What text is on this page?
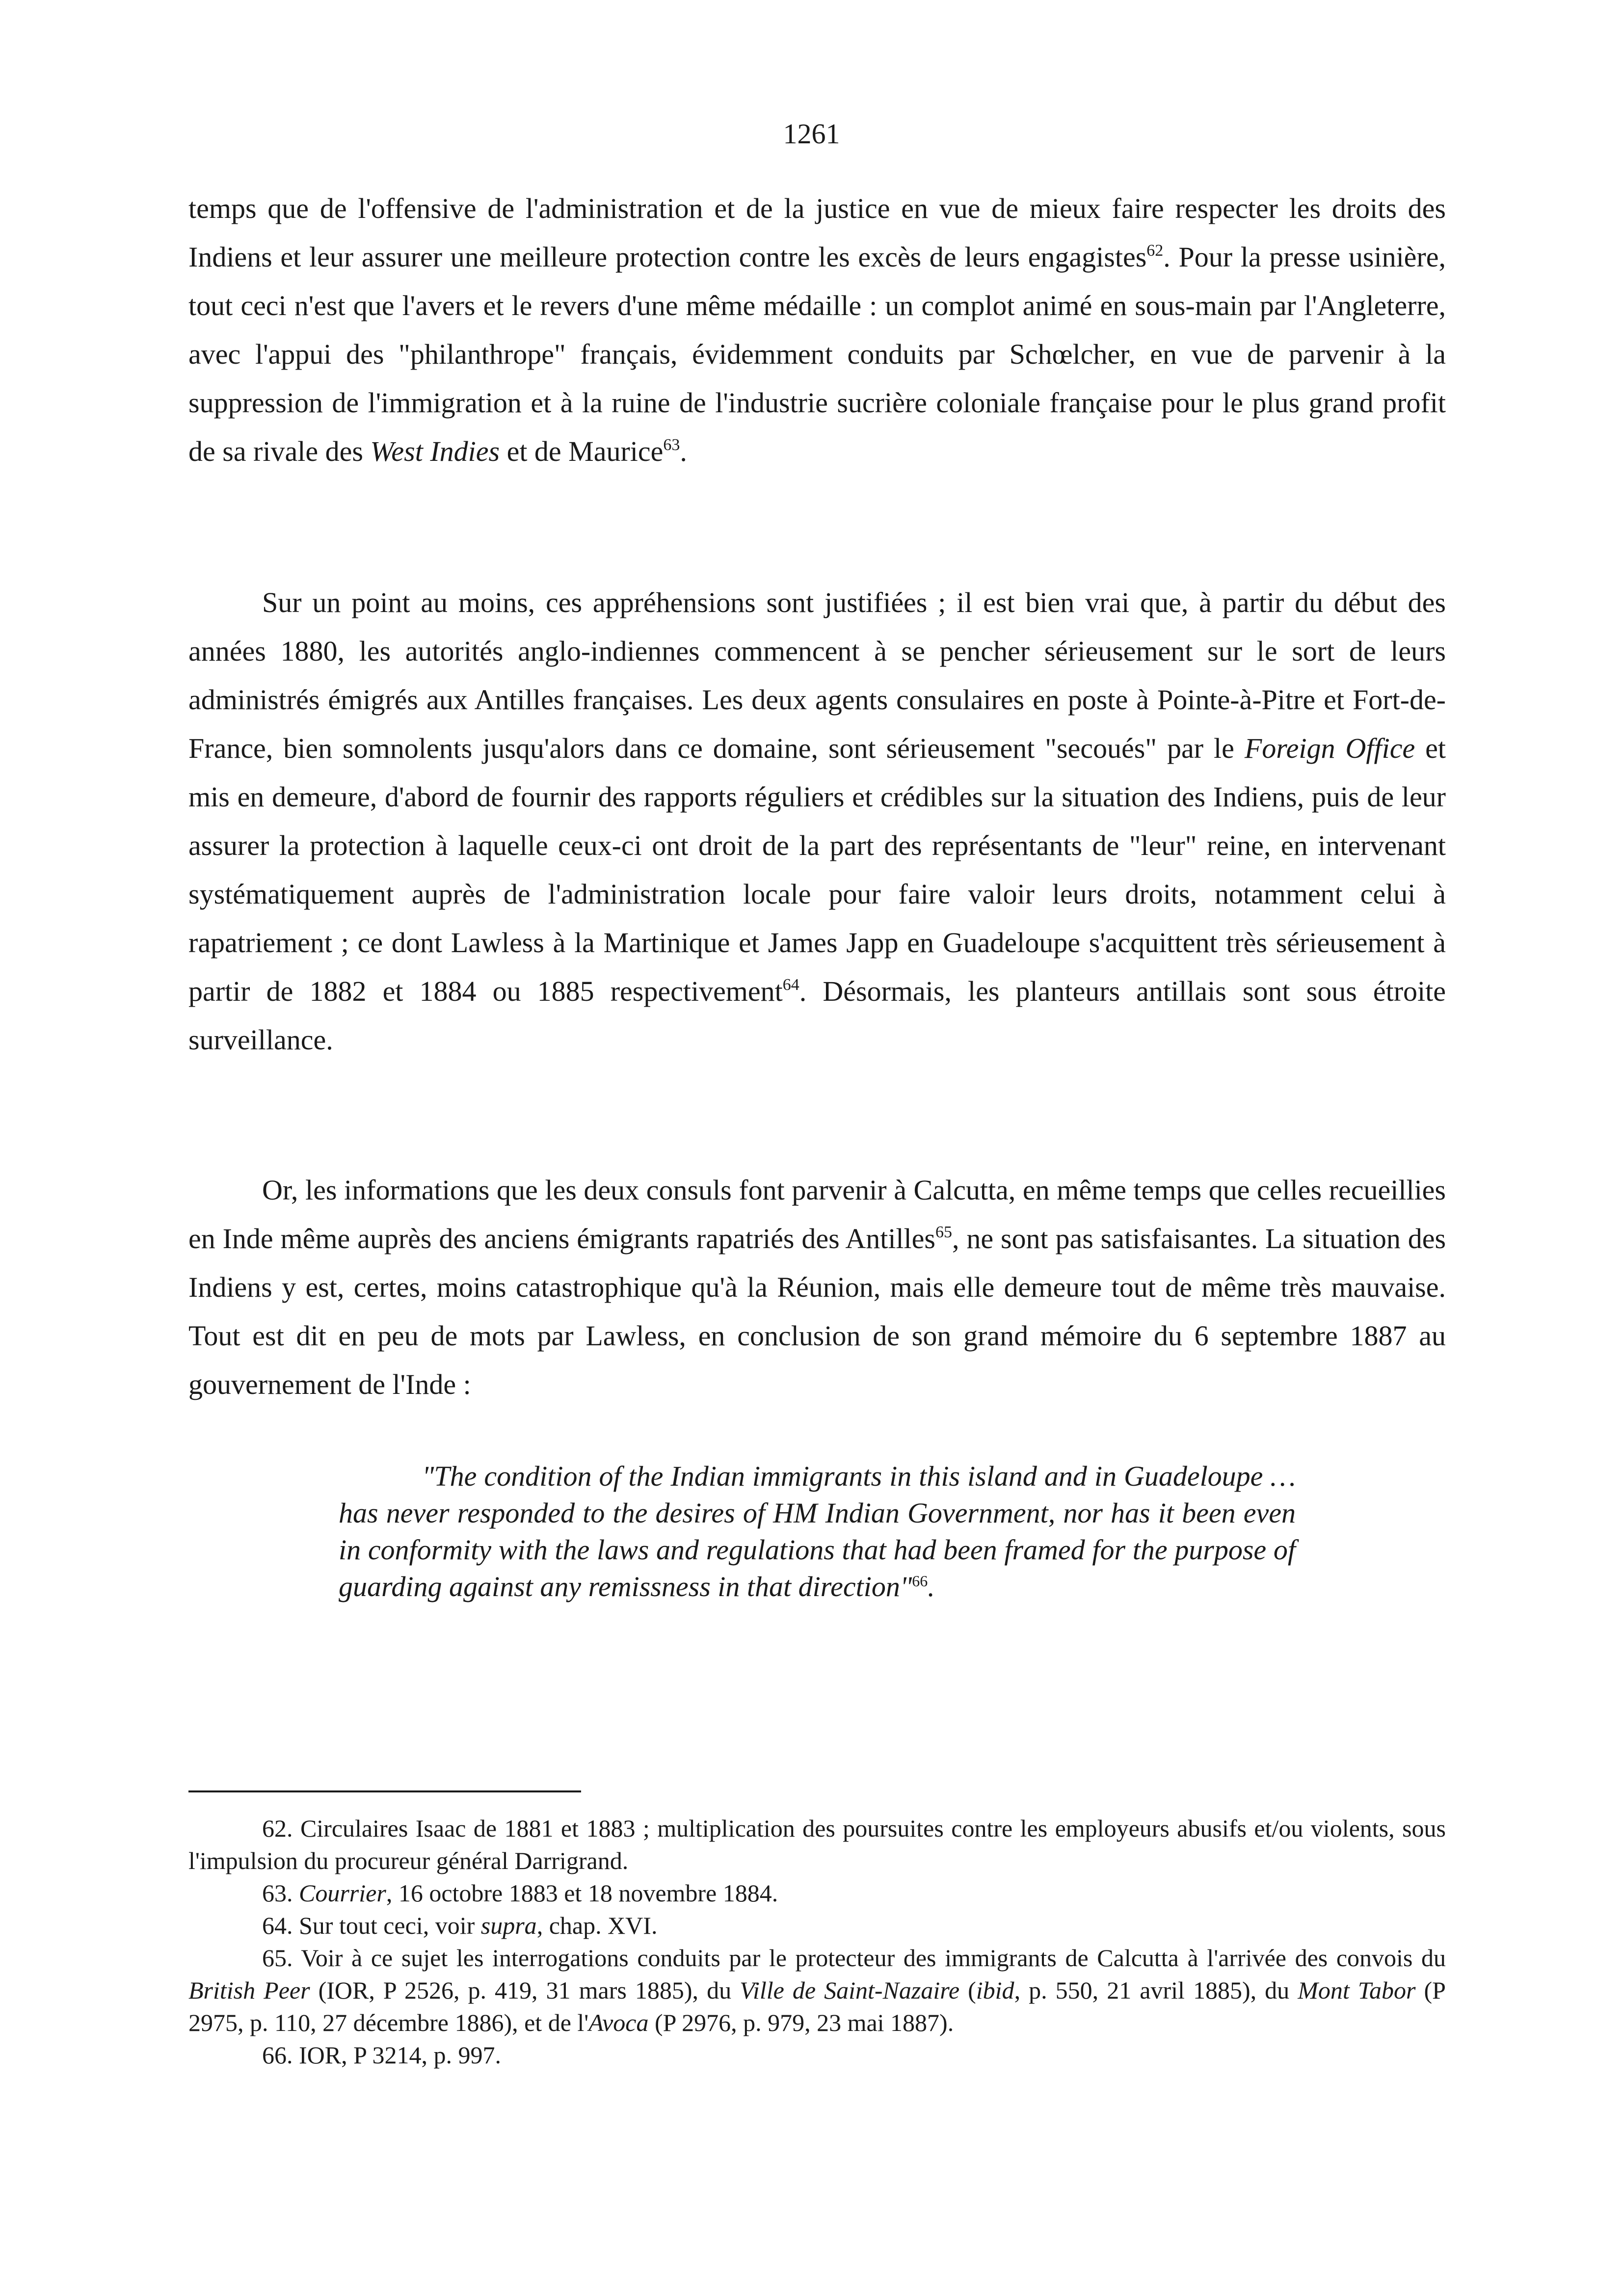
1261

temps que de l'offensive de l'administration et de la justice en vue de mieux faire respecter les droits des Indiens et leur assurer une meilleure protection contre les excès de leurs engagistes$^{62}$. Pour la presse usinière, tout ceci n'est que l'avers et le revers d'une même médaille : un complot animé en sous-main par l'Angleterre, avec l'appui des "philanthrope" français, évidemment conduits par Schœlcher, en vue de parvenir à la suppression de l'immigration et à la ruine de l'industrie sucrière coloniale française pour le plus grand profit de sa rivale des West Indies et de Maurice$^{63}$.

Sur un point au moins, ces appréhensions sont justifiées ; il est bien vrai que, à partir du début des années 1880, les autorités anglo-indiennes commencent à se pencher sérieusement sur le sort de leurs administrés émigrés aux Antilles françaises. Les deux agents consulaires en poste à Pointe-à-Pitre et Fort-de-France, bien somnolents jusqu'alors dans ce domaine, sont sérieusement "secoués" par le Foreign Office et mis en demeure, d'abord de fournir des rapports réguliers et crédibles sur la situation des Indiens, puis de leur assurer la protection à laquelle ceux-ci ont droit de la part des représentants de "leur" reine, en intervenant systématiquement auprès de l'administration locale pour faire valoir leurs droits, notamment celui à rapatriement ; ce dont Lawless à la Martinique et James Japp en Guadeloupe s'acquittent très sérieusement à partir de 1882 et 1884 ou 1885 respectivement$^{64}$. Désormais, les planteurs antillais sont sous étroite surveillance.

Or, les informations que les deux consuls font parvenir à Calcutta, en même temps que celles recueillies en Inde même auprès des anciens émigrants rapatriés des Antilles$^{65}$, ne sont pas satisfaisantes. La situation des Indiens y est, certes, moins catastrophique qu'à la Réunion, mais elle demeure tout de même très mauvaise. Tout est dit en peu de mots par Lawless, en conclusion de son grand mémoire du 6 septembre 1887 au gouvernement de l'Inde :

"The condition of the Indian immigrants in this island and in Guadeloupe … has never responded to the desires of HM Indian Government, nor has it been even in conformity with the laws and regulations that had been framed for the purpose of guarding against any remissness in that direction"$^{66}$.

62. Circulaires Isaac de 1881 et 1883 ; multiplication des poursuites contre les employeurs abusifs et/ou violents, sous l'impulsion du procureur général Darrigrand.

63. Courrier, 16 octobre 1883 et 18 novembre 1884.

64. Sur tout ceci, voir supra, chap. XVI.

65. Voir à ce sujet les interrogations conduits par le protecteur des immigrants de Calcutta à l'arrivée des convois du British Peer (IOR, P 2526, p. 419, 31 mars 1885), du Ville de Saint-Nazaire (ibid, p. 550, 21 avril 1885), du Mont Tabor (P 2975, p. 110, 27 décembre 1886), et de l'Avoca (P 2976, p. 979, 23 mai 1887).

66. IOR, P 3214, p. 997.
